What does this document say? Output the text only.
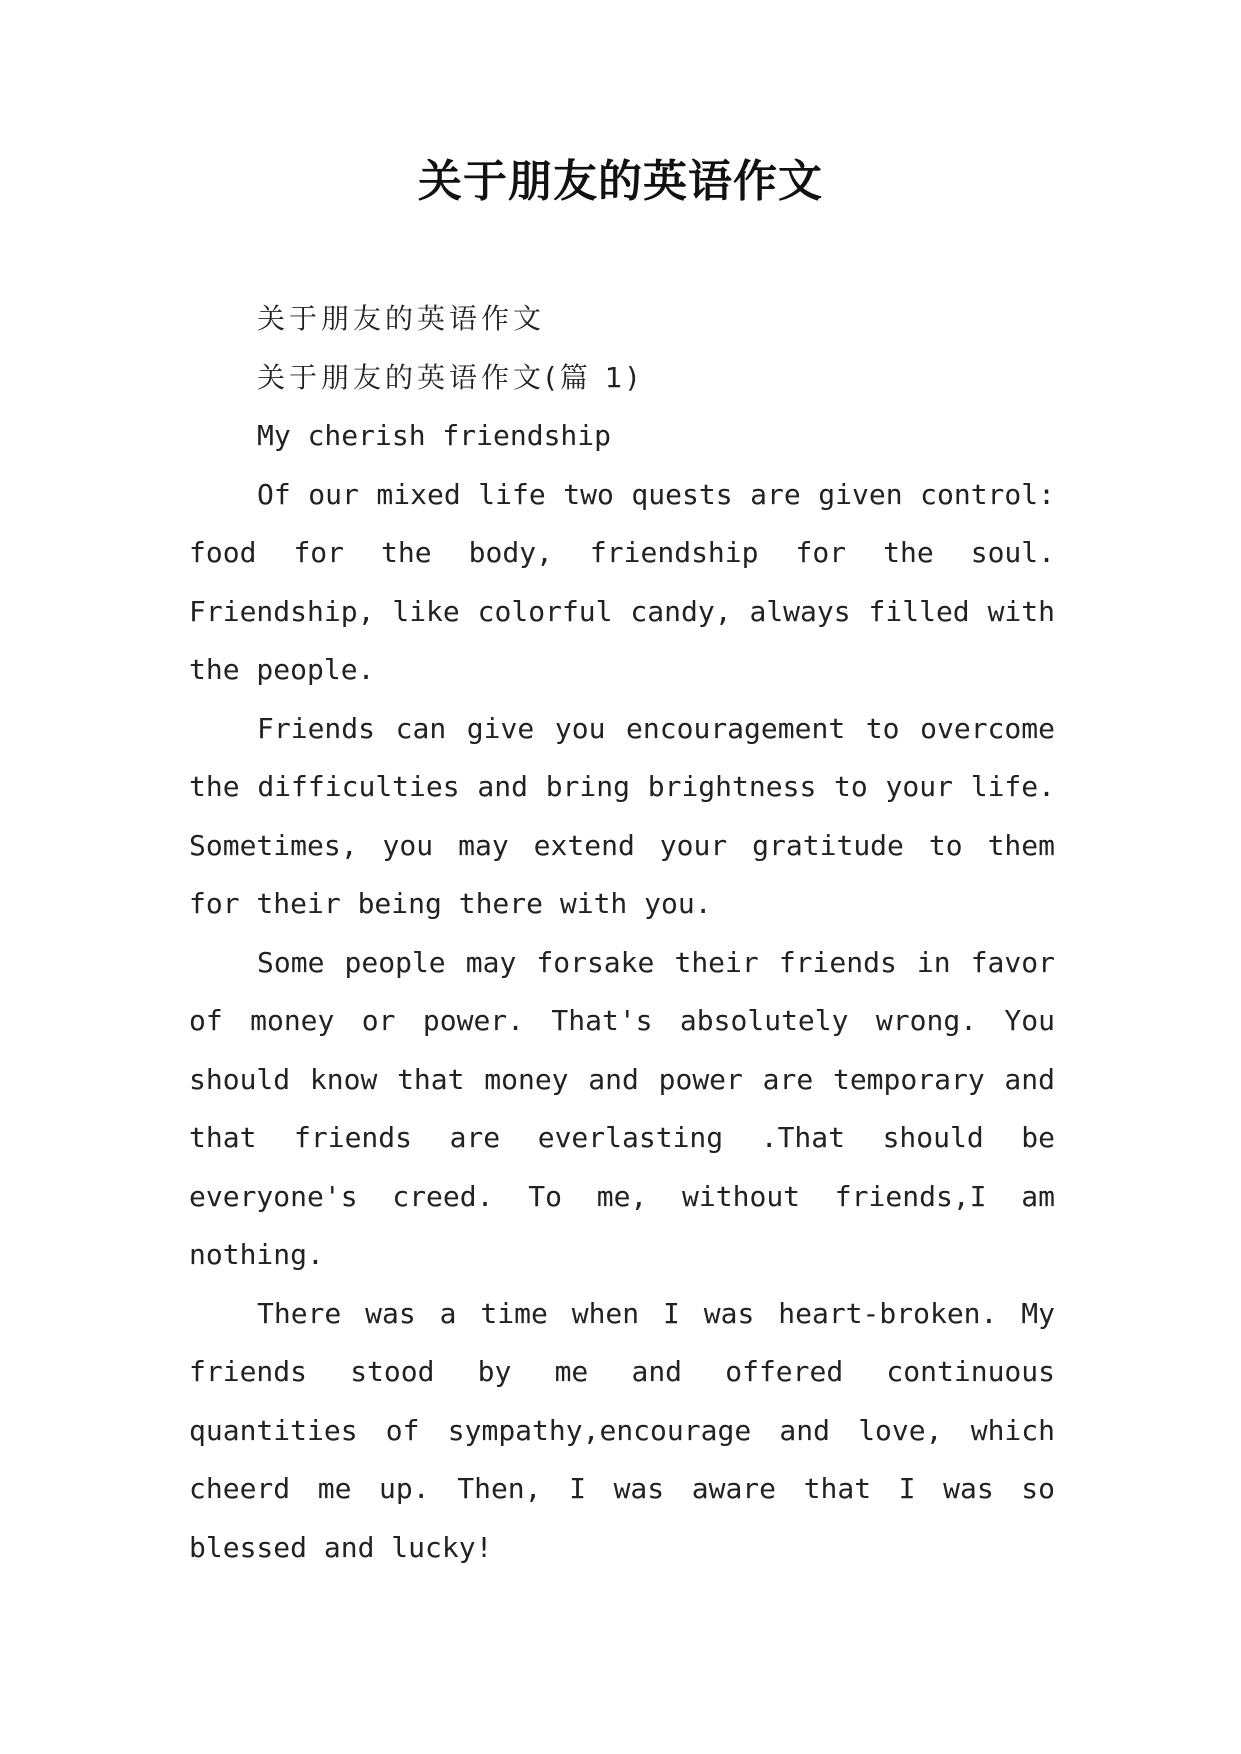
关于朋友的英语作文
关于朋友的英语作文
关于朋友的英语作文(篇 1)
My cherish friendship
Of our mixed life two quests are given control:
food for the body, friendship for the soul.
Friendship, like colorful candy, always filled with
the people.
Friends can give you encouragement to overcome
the difficulties and bring brightness to your life.
Sometimes, you may extend your gratitude to them
for their being there with you.
Some people may forsake their friends in favor
of money or power. That's absolutely wrong. You
should know that money and power are temporary and
that friends are everlasting .That should be
everyone's creed. To me, without friends,I am
nothing.
There was a time when I was heart-broken. My
friends stood by me and offered continuous
quantities of sympathy,encourage and love, which
cheerd me up. Then, I was aware that I was so
blessed and lucky!
